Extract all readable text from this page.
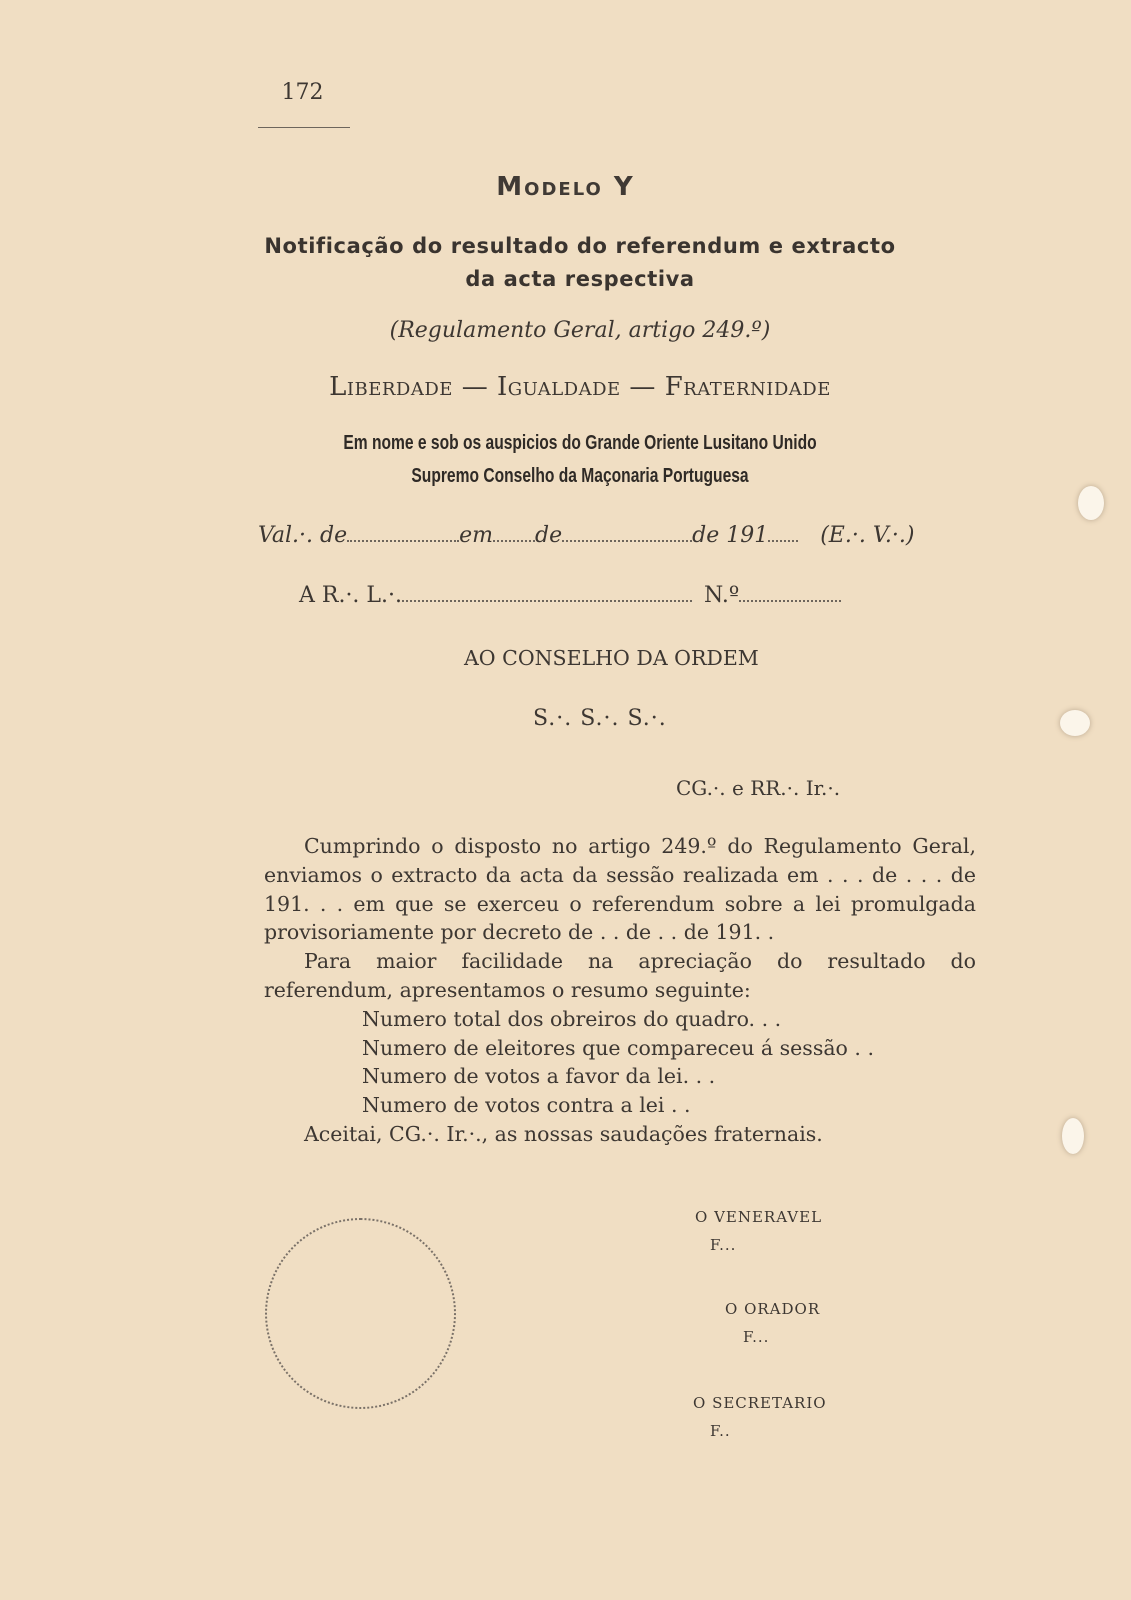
172
Modelo Y
Notificação do resultado do referendum e extracto
da acta respectiva
(Regulamento Geral, artigo 249.º)
Liberdade — Igualdade — Fraternidade
Em nome e sob os auspicios do Grande Oriente Lusitano Unido
Supremo Conselho da Maçonaria Portuguesa
Val.·. de	em de	de 191 (E.·. V.·.)
A R.·. L.·.	N.º
AO CONSELHO DA ORDEM
S.·. S.·. S.·.
CG.·. e RR.·. Ir.·.

Cumprindo o disposto no artigo 249.º do Regulamento Geral, enviamos o extracto da acta da sessão realizada em . . . de . . . de 191. . . em que se exerceu o referendum sobre a lei promulgada provisoriamente por decreto de . . de . . de 191. .

Para maior facilidade na apreciação do resultado do referendum, apresentamos o resumo seguinte:

Numero total dos obreiros do quadro. . .

Numero de eleitores que compareceu á sessão . .

Numero de votos a favor da lei. . .

Numero de votos contra a lei . .

Aceitai, CG.·. Ir.·., as nossas saudações fraternais.

O VENERAVEL
F...
O ORADOR
F...
O SECRETARIO
F..
